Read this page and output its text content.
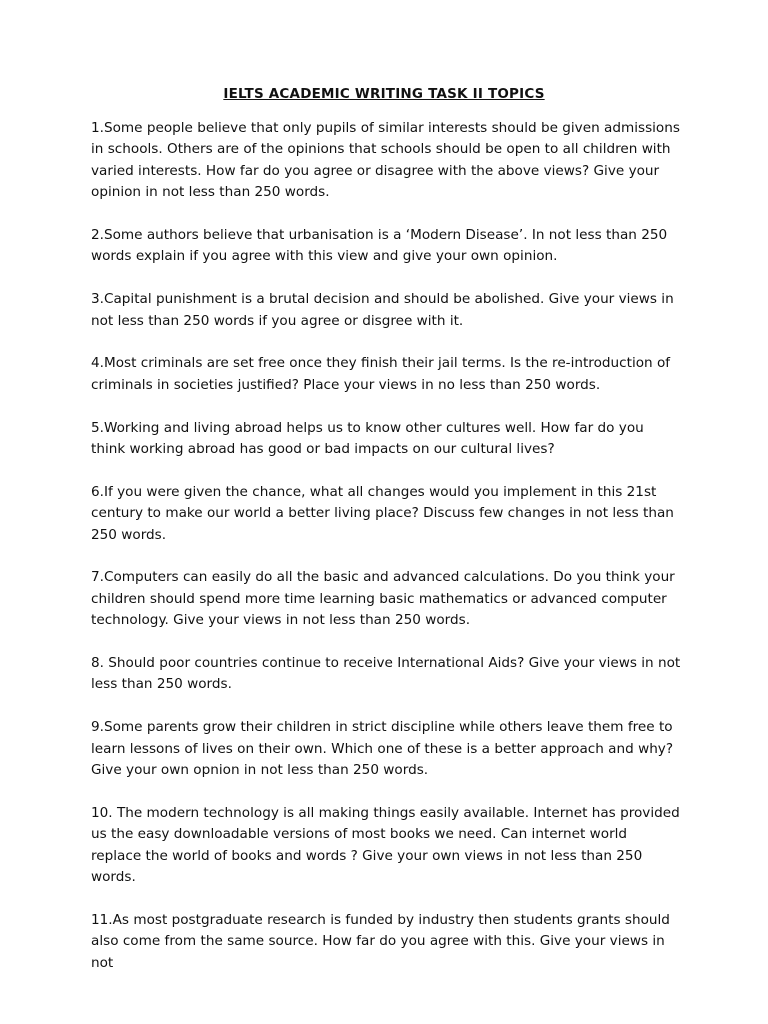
IELTS ACADEMIC WRITING TASK II TOPICS
1.Some people believe that only pupils of similar interests should be given admissions in schools. Others are of the opinions that schools should be open to all children with varied interests. How far do you agree or disagree with the above views? Give your opinion in not less than 250 words.
2.Some authors believe that urbanisation is a ‘Modern Disease’. In not less than 250 words explain if you agree with this view and give your own opinion.
3.Capital punishment is a brutal decision and should be abolished. Give your views in not less than 250 words if you agree or disgree with it.
4.Most criminals are set free once they finish their jail terms. Is the re-introduction of criminals in societies justified? Place your views in no less than 250 words.
5.Working and living abroad helps us to know other cultures well. How far do you think working abroad has good or bad impacts on our cultural lives?
6.If you were given the chance, what all changes would you implement in this 21st century to make our world a better living place? Discuss few changes in not less than 250 words.
7.Computers can easily do all the basic and advanced calculations. Do you think your children should spend more time learning basic mathematics or advanced computer technology. Give your views in not less than 250 words.
8. Should poor countries continue to receive International Aids? Give your views in not less than 250 words.
9.Some parents grow their children in strict discipline while others leave them free to learn lessons of lives on their own. Which one of these is a better approach and why? Give your own opnion in not less than 250 words.
10. The modern technology is all making things easily available. Internet has provided us the easy downloadable versions of most books we need. Can internet world replace the world of books and words ? Give your own views in not less than 250 words.
11.As most postgraduate research is funded by industry then students grants should also come from the same source. How far do you agree with this. Give your views in not
